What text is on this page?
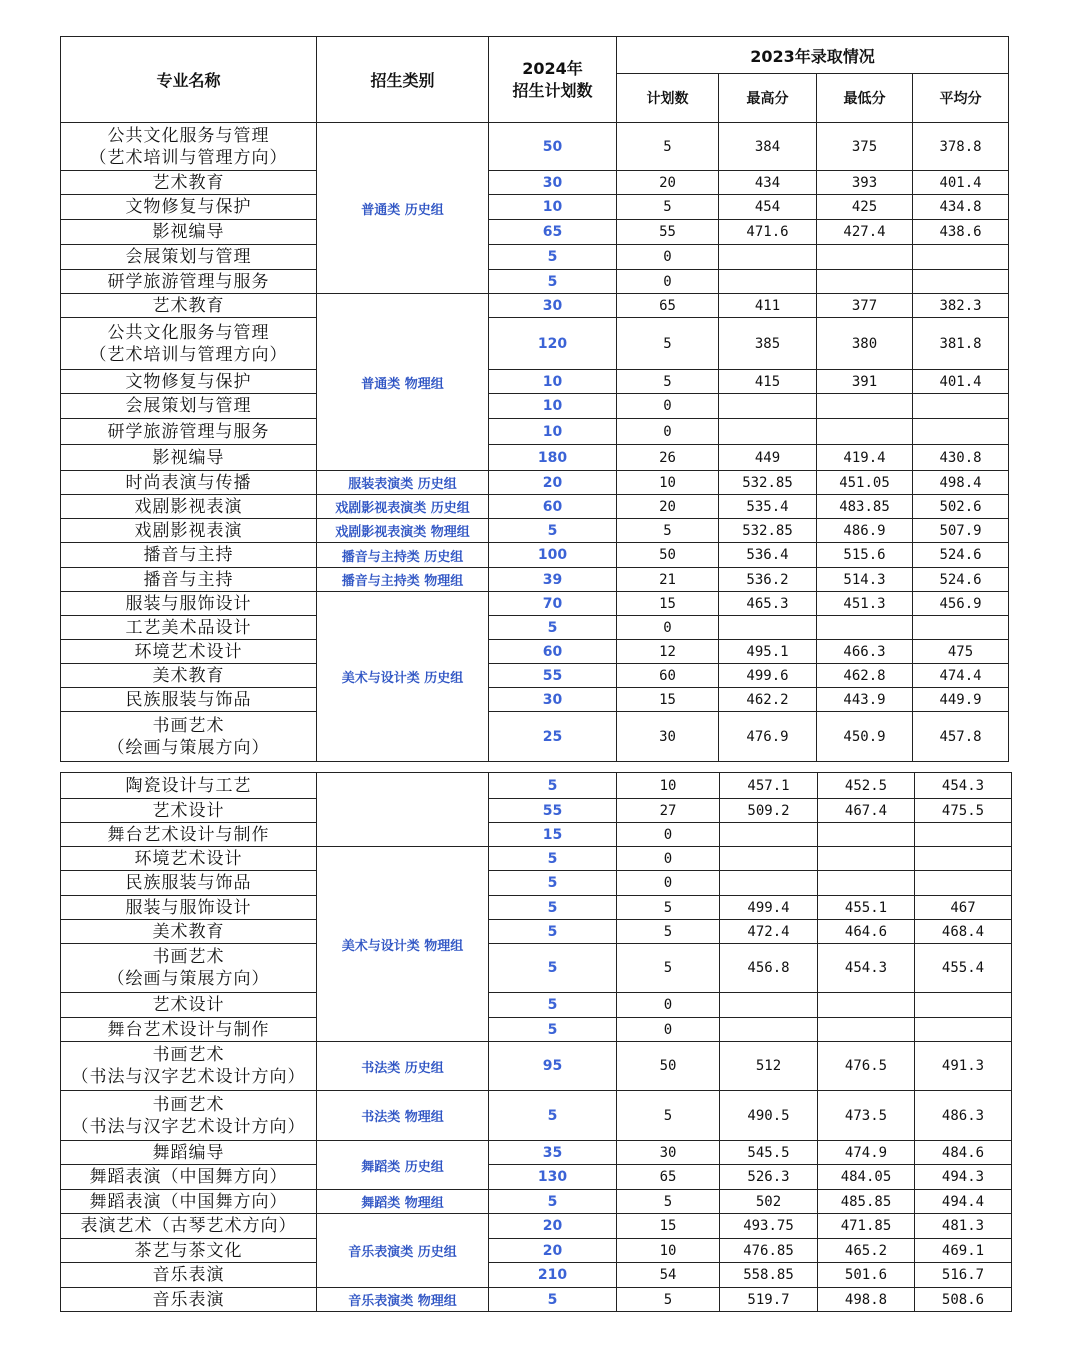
专业名称	招生类别	2024年
招生计划数	2023年录取情况			
			计划数	最高分	最低分	平均分
公共文化服务与管理
（艺术培训与管理方向）	普通类 历史组	50	5	384	375	378.8
艺术教育		30	20	434	393	401.4
文物修复与保护		10	5	454	425	434.8
影视编导		65	55	471.6	427.4	438.6
会展策划与管理		5	0			
研学旅游管理与服务		5	0			
艺术教育	普通类 物理组	30	65	411	377	382.3
公共文化服务与管理
（艺术培训与管理方向）		120	5	385	380	381.8
文物修复与保护		10	5	415	391	401.4
会展策划与管理		10	0			
研学旅游管理与服务		10	0			
影视编导		180	26	449	419.4	430.8
时尚表演与传播	服装表演类 历史组	20	10	532.85	451.05	498.4
戏剧影视表演	戏剧影视表演类 历史组	60	20	535.4	483.85	502.6
戏剧影视表演	戏剧影视表演类 物理组	5	5	532.85	486.9	507.9
播音与主持	播音与主持类 历史组	100	50	536.4	515.6	524.6
播音与主持	播音与主持类 物理组	39	21	536.2	514.3	524.6
服装与服饰设计	美术与设计类 历史组	70	15	465.3	451.3	456.9
工艺美术品设计		5	0			
环境艺术设计		60	12	495.1	466.3	475
美术教育		55	60	499.6	462.8	474.4
民族服装与饰品		30	15	462.2	443.9	449.9
书画艺术
（绘画与策展方向）		25	30	476.9	450.9	457.8
陶瓷设计与工艺		5	10	457.1	452.5	454.3
艺术设计		55	27	509.2	467.4	475.5
舞台艺术设计与制作		15	0			
环境艺术设计	美术与设计类 物理组	5	0			
民族服装与饰品		5	0			
服装与服饰设计		5	5	499.4	455.1	467
美术教育		5	5	472.4	464.6	468.4
书画艺术
（绘画与策展方向）		5	5	456.8	454.3	455.4
艺术设计		5	0			
舞台艺术设计与制作		5	0			
书画艺术
（书法与汉字艺术设计方向）	书法类 历史组	95	50	512	476.5	491.3
书画艺术
（书法与汉字艺术设计方向）	书法类 物理组	5	5	490.5	473.5	486.3
舞蹈编导	舞蹈类 历史组	35	30	545.5	474.9	484.6
舞蹈表演（中国舞方向）		130	65	526.3	484.05	494.3
舞蹈表演（中国舞方向）	舞蹈类 物理组	5	5	502	485.85	494.4
表演艺术（古琴艺术方向）	音乐表演类 历史组	20	15	493.75	471.85	481.3
茶艺与茶文化		20	10	476.85	465.2	469.1
音乐表演		210	54	558.85	501.6	516.7
音乐表演	音乐表演类 物理组	5	5	519.7	498.8	508.6
